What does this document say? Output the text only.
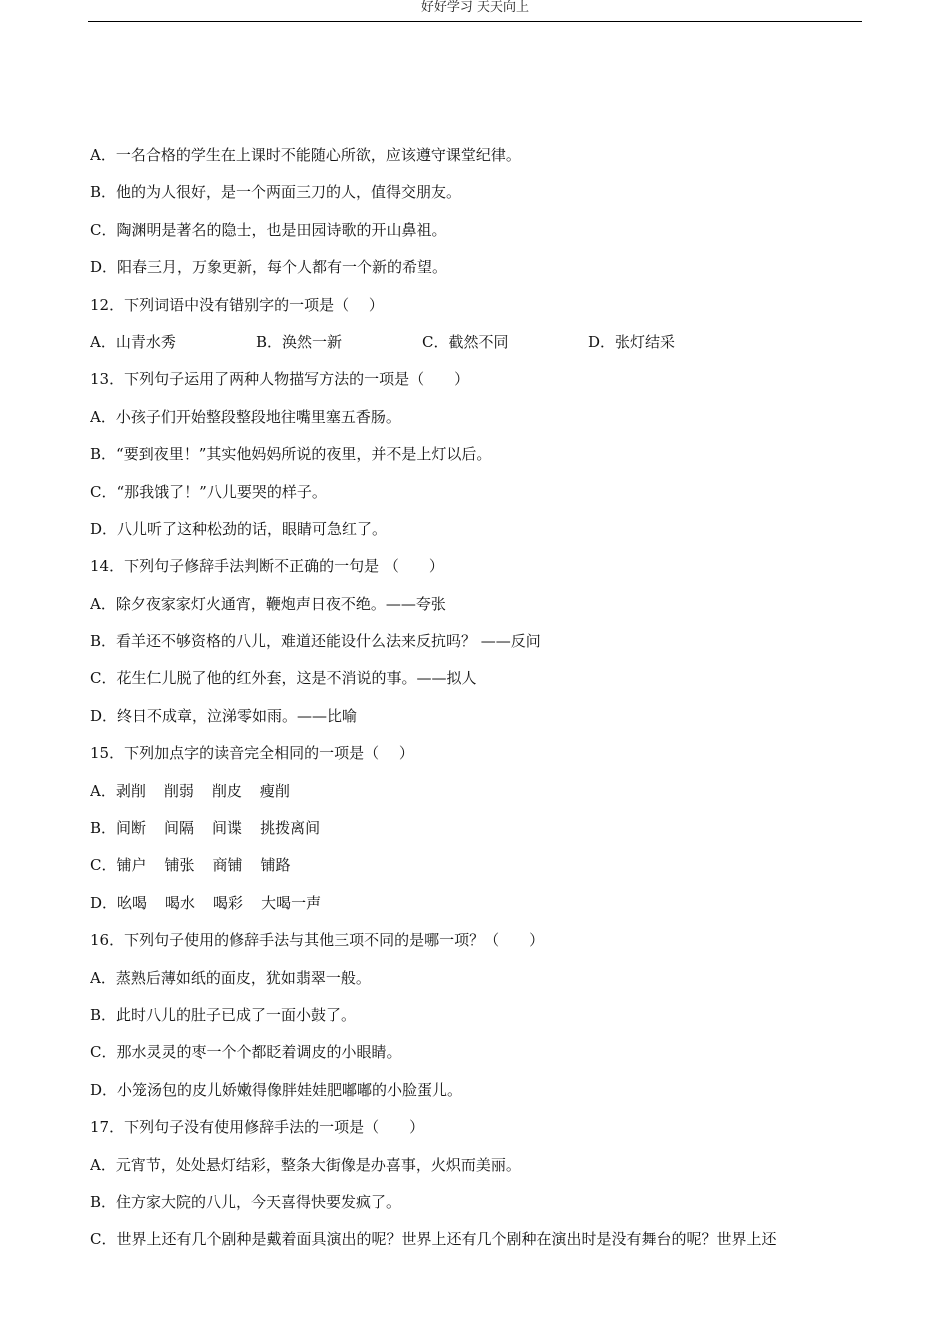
好好学习 天天向上
A．一名合格的学生在上课时不能随心所欲，应该遵守课堂纪律。
B．他的为人很好，是一个两面三刀的人，值得交朋友。
C．陶渊明是著名的隐士，也是田园诗歌的开山鼻祖。
D．阳春三月，万象更新，每个人都有一个新的希望。
12．下列词语中没有错别字的一项是（　 ）
A．山青水秀	B．涣然一新	C．截然不同	D．张灯结采
13．下列句子运用了两种人物描写方法的一项是（　　）
A．小孩子们开始整段整段地往嘴里塞五香肠。
B．“要到夜里！”其实他妈妈所说的夜里，并不是上灯以后。
C．“那我饿了！”八儿要哭的样子。
D．八儿听了这种松劲的话，眼睛可急红了。
14．下列句子修辞手法判断不正确的一句是 （　　）
A．除夕夜家家灯火通宵，鞭炮声日夜不绝。——夸张
B．看羊还不够资格的八儿，难道还能设什么法来反抗吗？ ——反问
C．花生仁儿脱了他的红外套，这是不消说的事。——拟人
D．终日不成章，泣涕零如雨。——比喻
15．下列加点字的读音完全相同的一项是（　 ）
A．剥削 削弱 削皮 瘦削
B．间断 间隔 间谍 挑拨离间
C．铺户 铺张 商铺 铺路
D．吆喝 喝水 喝彩 大喝一声
16．下列句子使用的修辞手法与其他三项不同的是哪一项？（　　）
A．蒸熟后薄如纸的面皮，犹如翡翠一般。
B．此时八儿的肚子已成了一面小鼓了。
C．那水灵灵的枣一个个都眨着调皮的小眼睛。
D．小笼汤包的皮儿娇嫩得像胖娃娃肥嘟嘟的小脸蛋儿。
17．下列句子没有使用修辞手法的一项是（　　）
A．元宵节，处处悬灯结彩，整条大街像是办喜事，火炽而美丽。
B．住方家大院的八儿，今天喜得快要发疯了。
C．世界上还有几个剧种是戴着面具演出的呢？世界上还有几个剧种在演出时是没有舞台的呢？世界上还
